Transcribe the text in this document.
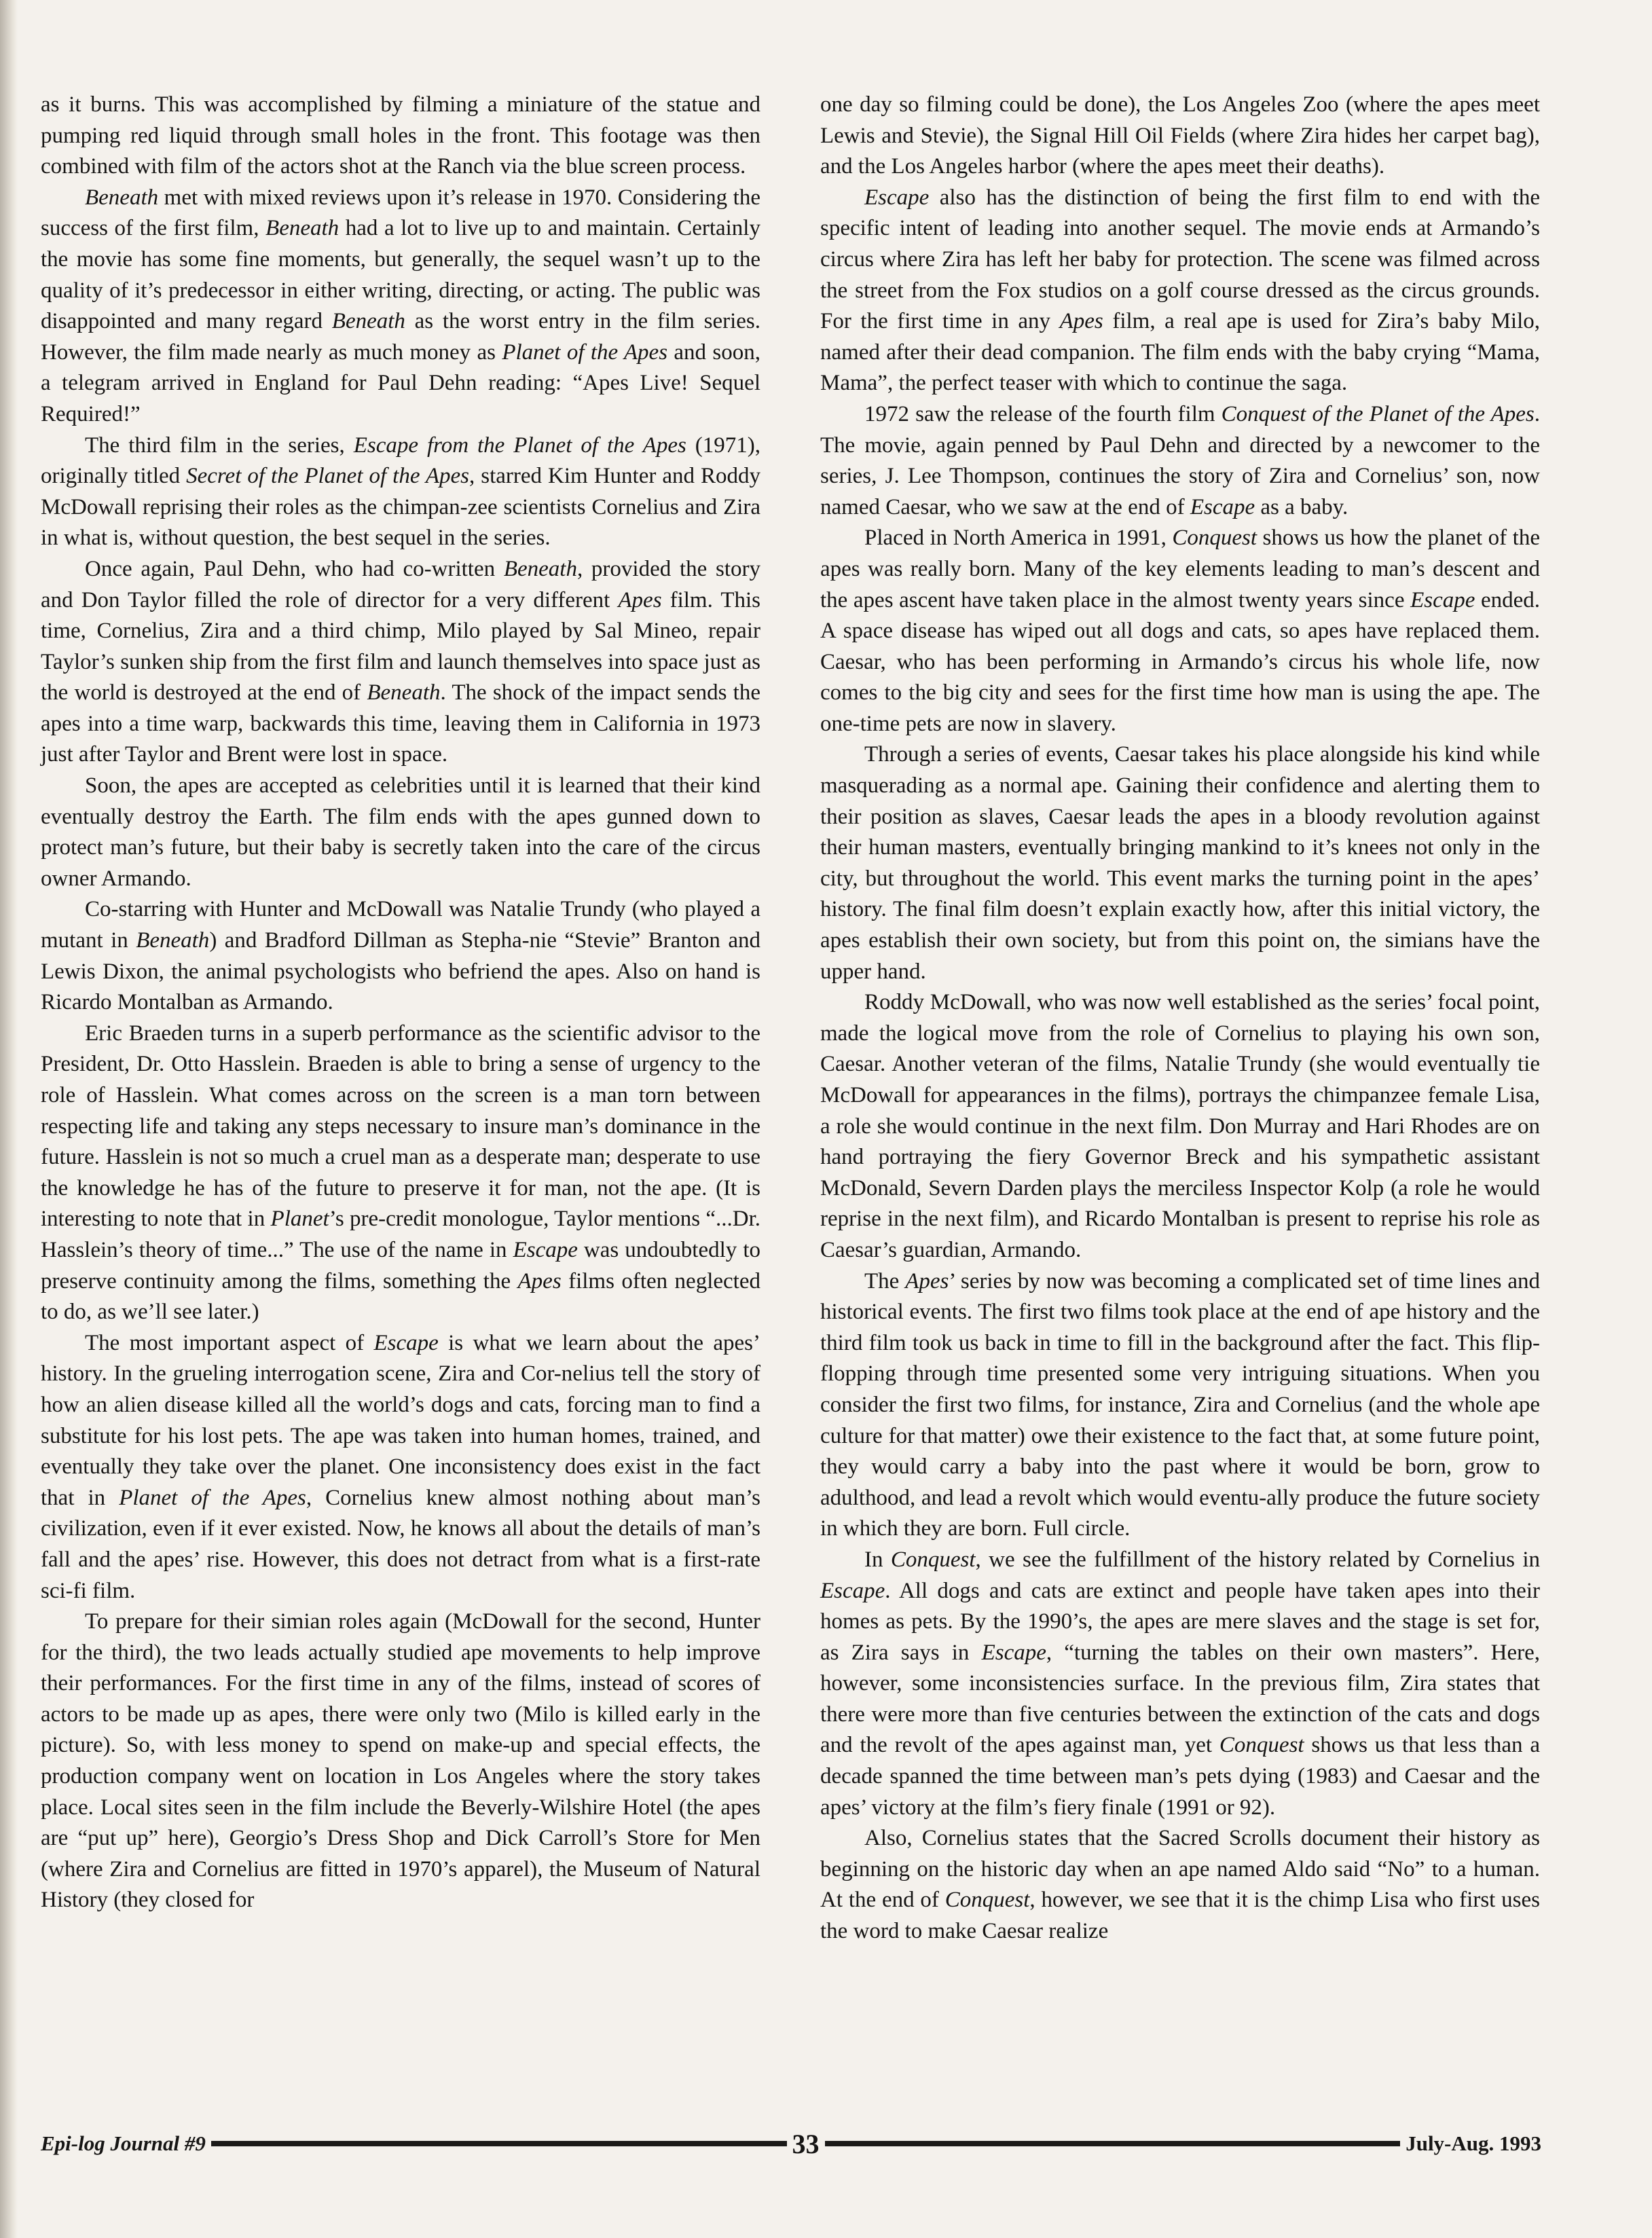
as it burns. This was accomplished by filming a miniature of the statue and pumping red liquid through small holes in the front. This footage was then combined with film of the actors shot at the Ranch via the blue screen process.

Beneath met with mixed reviews upon it’s release in 1970. Considering the success of the first film, Beneath had a lot to live up to and maintain. Certainly the movie has some fine moments, but generally, the sequel wasn’t up to the quality of it’s predecessor in either writing, directing, or acting. The public was disappointed and many regard Beneath as the worst entry in the film series. However, the film made nearly as much money as Planet of the Apes and soon, a telegram arrived in England for Paul Dehn reading: “Apes Live! Sequel Required!”

The third film in the series, Escape from the Planet of the Apes (1971), originally titled Secret of the Planet of the Apes, starred Kim Hunter and Roddy McDowall reprising their roles as the chimpan-zee scientists Cornelius and Zira in what is, without question, the best sequel in the series.

Once again, Paul Dehn, who had co-written Beneath, provided the story and Don Taylor filled the role of director for a very different Apes film. This time, Cornelius, Zira and a third chimp, Milo played by Sal Mineo, repair Taylor’s sunken ship from the first film and launch themselves into space just as the world is destroyed at the end of Beneath. The shock of the impact sends the apes into a time warp, backwards this time, leaving them in California in 1973 just after Taylor and Brent were lost in space.

Soon, the apes are accepted as celebrities until it is learned that their kind eventually destroy the Earth. The film ends with the apes gunned down to protect man’s future, but their baby is secretly taken into the care of the circus owner Armando.

Co-starring with Hunter and McDowall was Natalie Trundy (who played a mutant in Beneath) and Bradford Dillman as Stepha-nie “Stevie” Branton and Lewis Dixon, the animal psychologists who befriend the apes. Also on hand is Ricardo Montalban as Armando.

Eric Braeden turns in a superb performance as the scientific advisor to the President, Dr. Otto Hasslein. Braeden is able to bring a sense of urgency to the role of Hasslein. What comes across on the screen is a man torn between respecting life and taking any steps necessary to insure man’s dominance in the future. Hasslein is not so much a cruel man as a desperate man; desperate to use the knowledge he has of the future to preserve it for man, not the ape. (It is interesting to note that in Planet’s pre-credit monologue, Taylor mentions “...Dr. Hasslein’s theory of time...” The use of the name in Escape was undoubtedly to preserve continuity among the films, something the Apes films often neglected to do, as we’ll see later.)

The most important aspect of Escape is what we learn about the apes’ history. In the grueling interrogation scene, Zira and Cor-nelius tell the story of how an alien disease killed all the world’s dogs and cats, forcing man to find a substitute for his lost pets. The ape was taken into human homes, trained, and eventually they take over the planet. One inconsistency does exist in the fact that in Planet of the Apes, Cornelius knew almost nothing about man’s civilization, even if it ever existed. Now, he knows all about the details of man’s fall and the apes’ rise. However, this does not detract from what is a first-rate sci-fi film.

To prepare for their simian roles again (McDowall for the second, Hunter for the third), the two leads actually studied ape movements to help improve their performances. For the first time in any of the films, instead of scores of actors to be made up as apes, there were only two (Milo is killed early in the picture). So, with less money to spend on make-up and special effects, the production company went on location in Los Angeles where the story takes place. Local sites seen in the film include the Beverly-Wilshire Hotel (the apes are “put up” here), Georgio’s Dress Shop and Dick Carroll’s Store for Men (where Zira and Cornelius are fitted in 1970’s apparel), the Museum of Natural History (they closed for

one day so filming could be done), the Los Angeles Zoo (where the apes meet Lewis and Stevie), the Signal Hill Oil Fields (where Zira hides her carpet bag), and the Los Angeles harbor (where the apes meet their deaths).

Escape also has the distinction of being the first film to end with the specific intent of leading into another sequel. The movie ends at Armando’s circus where Zira has left her baby for protection. The scene was filmed across the street from the Fox studios on a golf course dressed as the circus grounds. For the first time in any Apes film, a real ape is used for Zira’s baby Milo, named after their dead companion. The film ends with the baby crying “Mama, Mama”, the perfect teaser with which to continue the saga.

1972 saw the release of the fourth film Conquest of the Planet of the Apes. The movie, again penned by Paul Dehn and directed by a newcomer to the series, J. Lee Thompson, continues the story of Zira and Cornelius’ son, now named Caesar, who we saw at the end of Escape as a baby.

Placed in North America in 1991, Conquest shows us how the planet of the apes was really born. Many of the key elements leading to man’s descent and the apes ascent have taken place in the almost twenty years since Escape ended. A space disease has wiped out all dogs and cats, so apes have replaced them. Caesar, who has been performing in Armando’s circus his whole life, now comes to the big city and sees for the first time how man is using the ape. The one-time pets are now in slavery.

Through a series of events, Caesar takes his place alongside his kind while masquerading as a normal ape. Gaining their confidence and alerting them to their position as slaves, Caesar leads the apes in a bloody revolution against their human masters, eventually bringing mankind to it’s knees not only in the city, but throughout the world. This event marks the turning point in the apes’ history. The final film doesn’t explain exactly how, after this initial victory, the apes establish their own society, but from this point on, the simians have the upper hand.

Roddy McDowall, who was now well established as the series’ focal point, made the logical move from the role of Cornelius to playing his own son, Caesar. Another veteran of the films, Natalie Trundy (she would eventually tie McDowall for appearances in the films), portrays the chimpanzee female Lisa, a role she would continue in the next film. Don Murray and Hari Rhodes are on hand portraying the fiery Governor Breck and his sympathetic assistant McDonald, Severn Darden plays the merciless Inspector Kolp (a role he would reprise in the next film), and Ricardo Montalban is present to reprise his role as Caesar’s guardian, Armando.

The Apes’ series by now was becoming a complicated set of time lines and historical events. The first two films took place at the end of ape history and the third film took us back in time to fill in the background after the fact. This flip-flopping through time presented some very intriguing situations. When you consider the first two films, for instance, Zira and Cornelius (and the whole ape culture for that matter) owe their existence to the fact that, at some future point, they would carry a baby into the past where it would be born, grow to adulthood, and lead a revolt which would eventu-ally produce the future society in which they are born. Full circle.

In Conquest, we see the fulfillment of the history related by Cornelius in Escape. All dogs and cats are extinct and people have taken apes into their homes as pets. By the 1990’s, the apes are mere slaves and the stage is set for, as Zira says in Escape, “turning the tables on their own masters”. Here, however, some inconsistencies surface. In the previous film, Zira states that there were more than five centuries between the extinction of the cats and dogs and the revolt of the apes against man, yet Conquest shows us that less than a decade spanned the time between man’s pets dying (1983) and Caesar and the apes’ victory at the film’s fiery finale (1991 or 92).

Also, Cornelius states that the Sacred Scrolls document their history as beginning on the historic day when an ape named Aldo said “No” to a human. At the end of Conquest, however, we see that it is the chimp Lisa who first uses the word to make Caesar realize

Epi-log Journal #9	33	July-Aug. 1993
